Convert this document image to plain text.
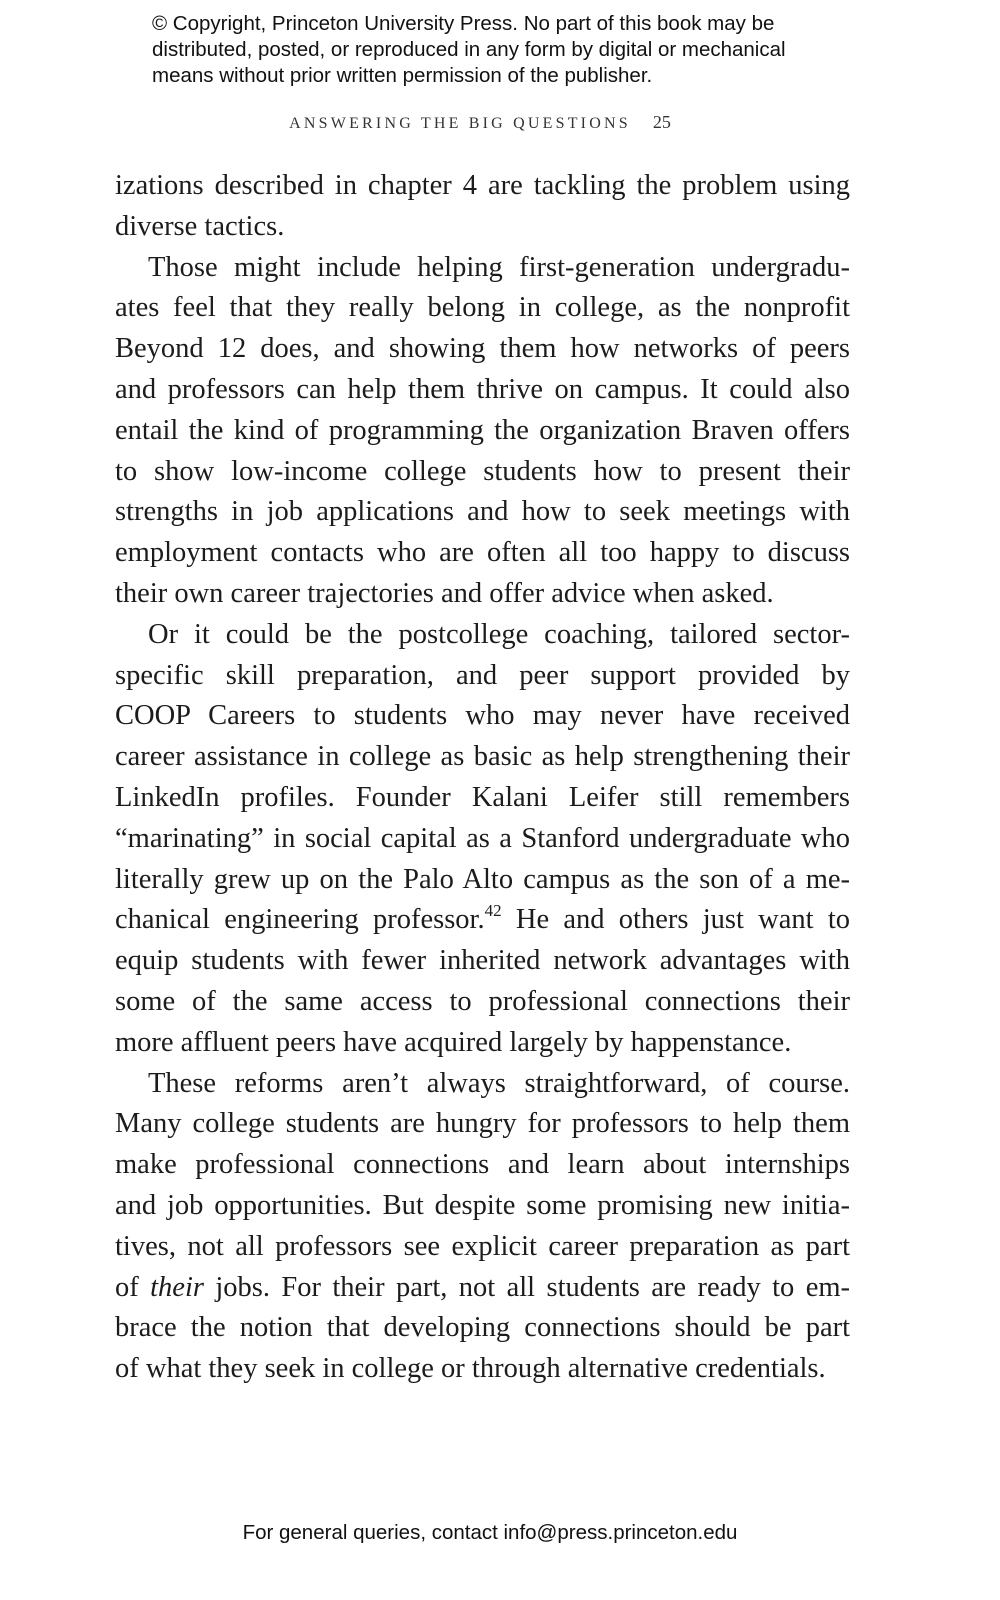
© Copyright, Princeton University Press. No part of this book may be
distributed, posted, or reproduced in any form by digital or mechanical
means without prior written permission of the publisher.
ANSWERING THE BIG QUESTIONS 25
izations described in chapter 4 are tackling the problem using
diverse tactics.
Those might include helping first-generation undergradu-
ates feel that they really belong in college, as the nonprofit
Beyond 12 does, and showing them how networks of peers
and professors can help them thrive on campus. It could also
entail the kind of programming the organization Braven offers
to show low-income college students how to present their
strengths in job applications and how to seek meetings with
employment contacts who are often all too happy to discuss
their own career trajectories and offer advice when asked.
Or it could be the postcollege coaching, tailored sector-
specific skill preparation, and peer support provided by
COOP Careers to students who may never have received
career assistance in college as basic as help strengthening their
LinkedIn profiles. Founder Kalani Leifer still remembers
“marinating” in social capital as a Stanford undergraduate who
literally grew up on the Palo Alto campus as the son of a me-
chanical engineering professor.$^{42}$ He and others just want to
equip students with fewer inherited network advantages with
some of the same access to professional connections their
more affluent peers have acquired largely by happenstance.
These reforms aren’t always straightforward, of course.
Many college students are hungry for professors to help them
make professional connections and learn about internships
and job opportunities. But despite some promising new initia-
tives, not all professors see explicit career preparation as part
of their jobs. For their part, not all students are ready to em-
brace the notion that developing connections should be part
of what they seek in college or through alternative credentials.
For general queries, contact info@press.princeton.edu
